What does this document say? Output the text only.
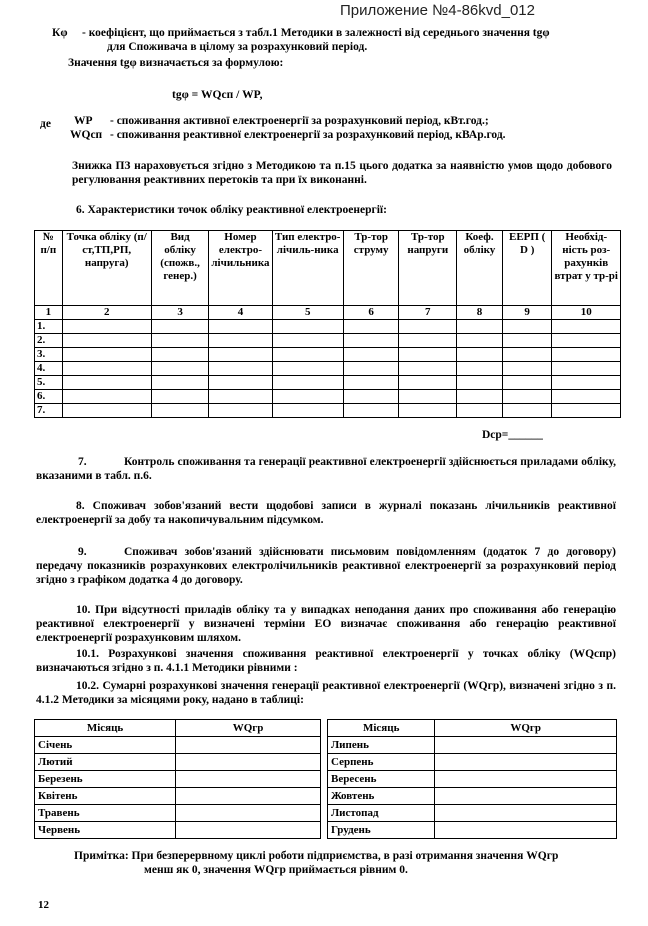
Приложение №4-86kvd_012
Кφ - коефіцієнт, що приймається з табл.1 Методики в залежності від середнього значення tgφ
для Споживача в цілому за розрахунковий період.
Значення tgφ визначається за формулою:
tgφ = WQсп / WP,
де WP - споживання активної електроенергії за розрахунковий період, кВт.год.;
WQсп - споживання реактивної електроенергії за розрахунковий період, кВАр.год.
Знижка ПЗ нараховується згідно з Методикою та п.15 цього додатка за наявністю умов щодо добового регулювання реактивних перетоків та при їх виконанні.
6. Характеристики точок обліку реактивної електроенергії:
№ п/п	Точка обліку (п/ст,ТП,РП, напруга)	Вид обліку (спожв., генер.)	Номер електро-лічильника	Тип електро-лічиль-ника	Тр-тор струму	Тр-тор напруги	Коеф. обліку	ЕЕРП ( D )	Необхід-ність роз-рахунків втрат у тр-рі
1	2	3	4	5	6	7	8	9	10
1.									
2.									
3.									
4.									
5.									
6.									
7.									
Dср=______
7.	Контроль споживання та генерації реактивної електроенергії здійснюється приладами обліку, вказаними в табл. п.6.
8. Споживач зобов'язаний вести щодобові записи в журналі показань лічильників реактивної електроенергії за добу та накопичувальним підсумком.
9.	Споживач зобов'язаний здійснювати письмовим повідомленням (додаток 7 до договору) передачу показників розрахункових електролічильників реактивної електроенергії за розрахунковий період згідно з графіком додатка 4 до договору.
10. При відсутності приладів обліку та у випадках неподання даних про споживання або генерацію реактивної електроенергії у визначені терміни ЕО визначає споживання або генерацію реактивної електроенергії розрахунковим шляхом.
10.1. Розрахункові значення споживання реактивної електроенергії у точках обліку (WQспр) визначаються згідно з п. 4.1.1 Методики рівними :
10.2. Сумарні розрахункові значення генерації реактивної електроенергії (WQгр), визначені згідно з п. 4.1.2 Методики за місяцями року, надано в таблиці:
Місяць	WQгр		Місяць	WQгр
Січень			Липень	
Лютий			Серпень	
Березень			Вересень	
Квітень			Жовтень	
Травень			Листопад	
Червень			Грудень	
Примітка: При безперервному циклі роботи підприємства, в разі отримання значення WQгр
менш як 0, значення WQгр приймається рівним 0.
12
